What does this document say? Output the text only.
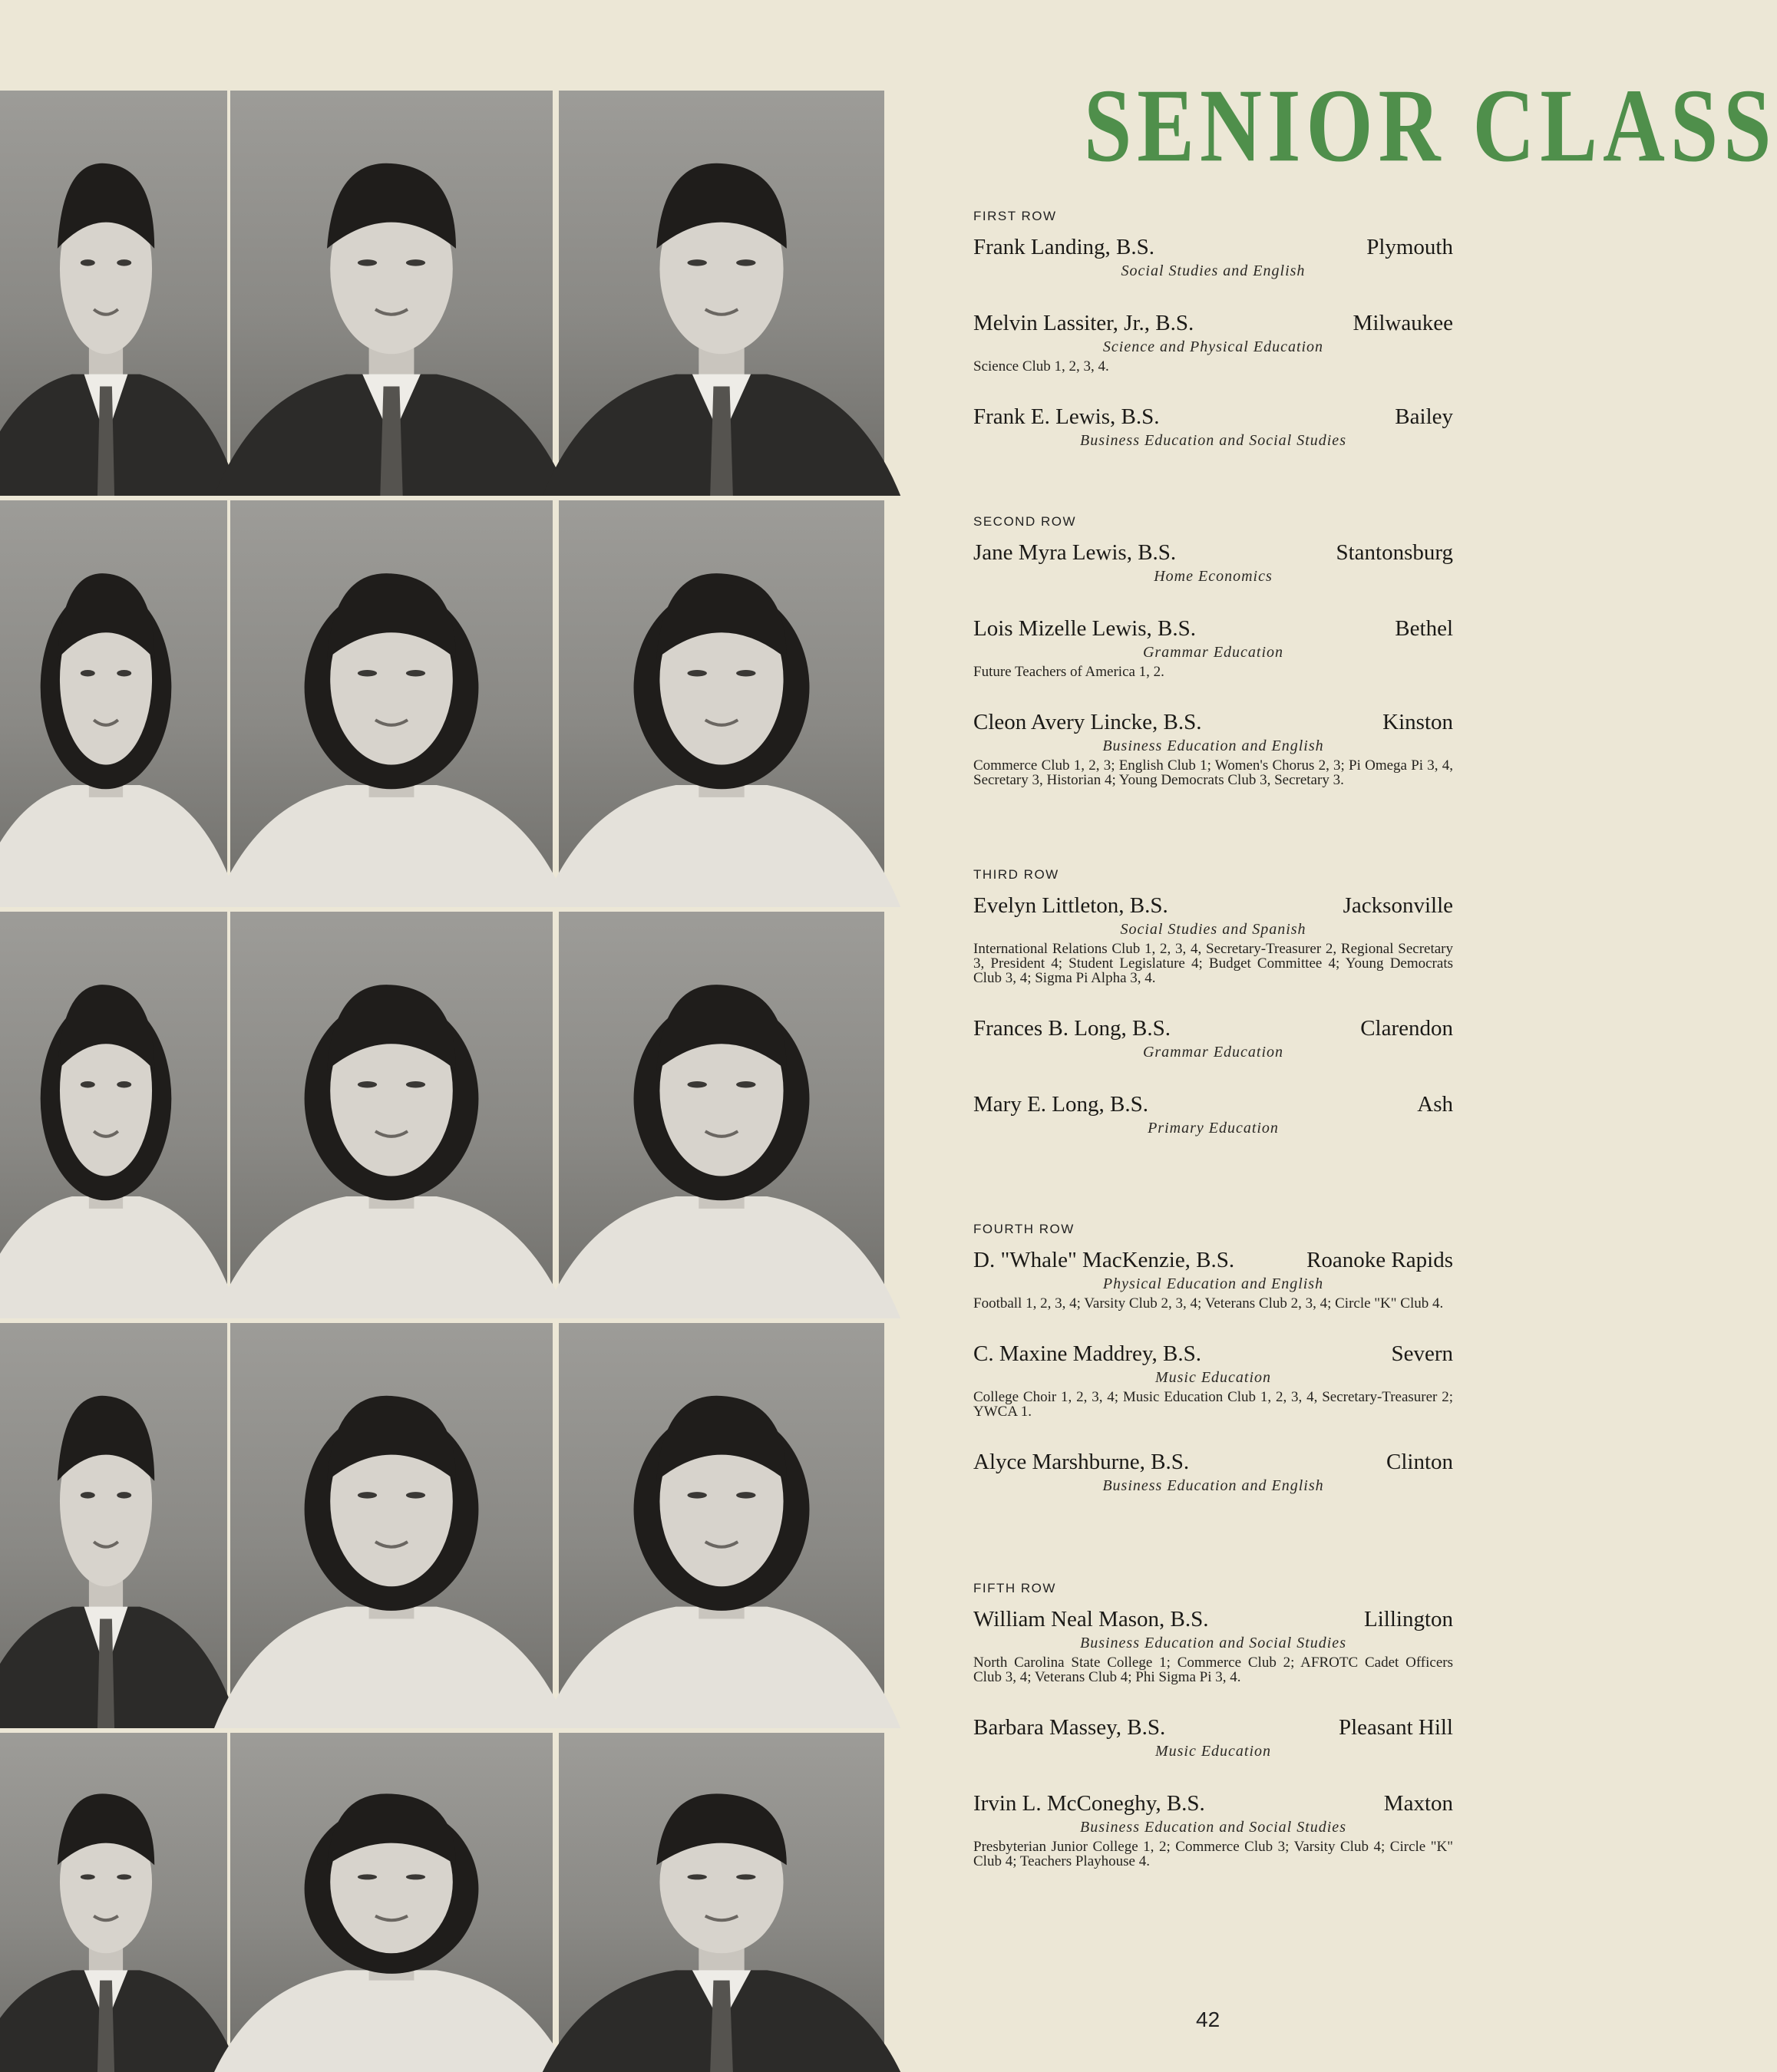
SENIOR CLASS
FIRST ROW
Frank Landing, B.S.	Plymouth
Social Studies and English
Melvin Lassiter, Jr., B.S.	Milwaukee
Science and Physical Education
Science Club 1, 2, 3, 4.
Frank E. Lewis, B.S.	Bailey
Business Education and Social Studies
SECOND ROW
Jane Myra Lewis, B.S.	Stantonsburg
Home Economics
Lois Mizelle Lewis, B.S.	Bethel
Grammar Education
Future Teachers of America 1, 2.
Cleon Avery Lincke, B.S.	Kinston
Business Education and English
Commerce Club 1, 2, 3; English Club 1; Women's Chorus 2, 3; Pi Omega Pi 3, 4, Secretary 3, Historian 4; Young Democrats Club 3, Secretary 3.
THIRD ROW
Evelyn Littleton, B.S.	Jacksonville
Social Studies and Spanish
International Relations Club 1, 2, 3, 4, Secretary-Treasurer 2, Regional Secretary 3, President 4; Student Legislature 4; Budget Committee 4; Young Democrats Club 3, 4; Sigma Pi Alpha 3, 4.
Frances B. Long, B.S.	Clarendon
Grammar Education
Mary E. Long, B.S.	Ash
Primary Education
FOURTH ROW
D. "Whale" MacKenzie, B.S.	Roanoke Rapids
Physical Education and English
Football 1, 2, 3, 4; Varsity Club 2, 3, 4; Veterans Club 2, 3, 4; Circle "K" Club 4.
C. Maxine Maddrey, B.S.	Severn
Music Education
College Choir 1, 2, 3, 4; Music Education Club 1, 2, 3, 4, Secretary-Treasurer 2; YWCA 1.
Alyce Marshburne, B.S.	Clinton
Business Education and English
FIFTH ROW
William Neal Mason, B.S.	Lillington
Business Education and Social Studies
North Carolina State College 1; Commerce Club 2; AFROTC Cadet Officers Club 3, 4; Veterans Club 4; Phi Sigma Pi 3, 4.
Barbara Massey, B.S.	Pleasant Hill
Music Education
Irvin L. McConeghy, B.S.	Maxton
Business Education and Social Studies
Presbyterian Junior College 1, 2; Commerce Club 3; Varsity Club 4; Circle "K" Club 4; Teachers Playhouse 4.
42
